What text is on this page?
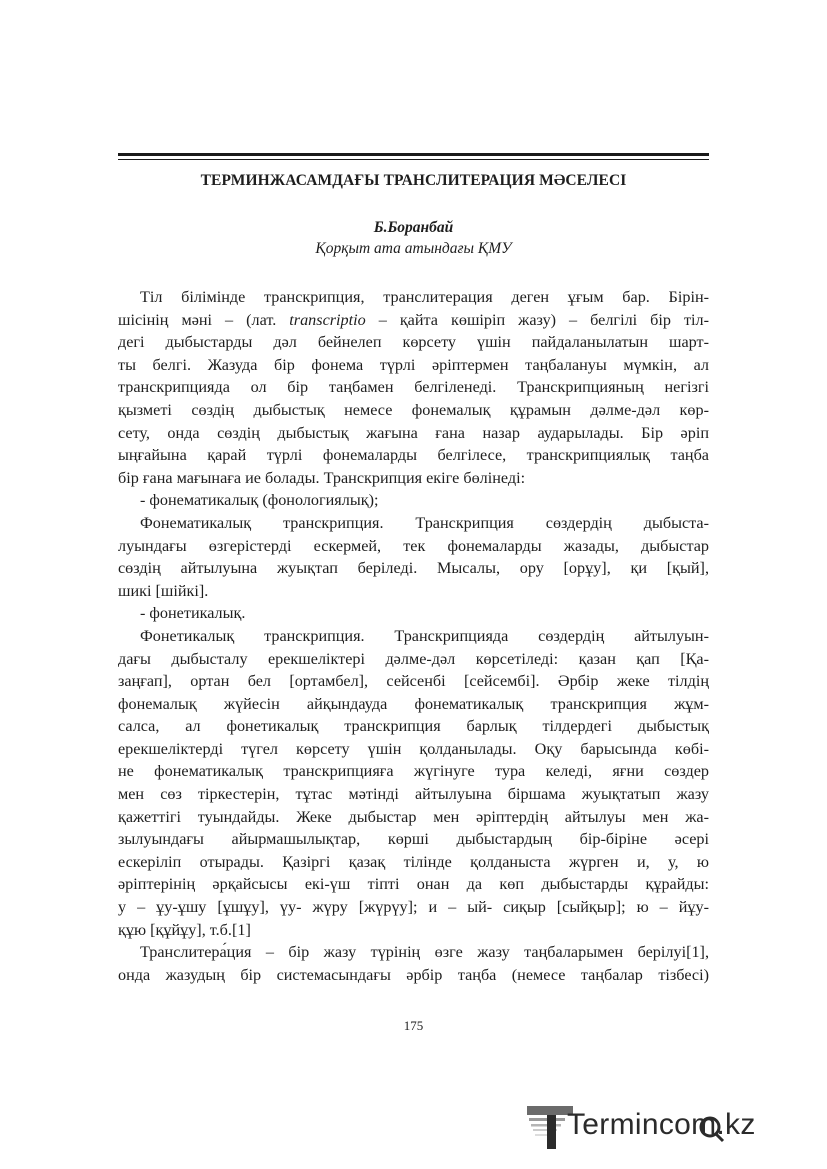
ТЕРМИНЖАСАМДАҒЫ ТРАНСЛИТЕРАЦИЯ МӘСЕЛЕСІ
Б.Боранбай
Қорқыт ата атындағы ҚМУ
Тіл білімінде транскрипция, транслитерация деген ұғым бар. Бірін-
шісінің мәні – (лат. transcriptio – қайта көшіріп жазу) – белгілі бір тіл-
дегі дыбыстарды дәл бейнелеп көрсету үшін пайдаланылатын шарт-
ты белгі. Жазуда бір фонема түрлі әріптермен таңбалануы мүмкін, ал
транскрипцияда ол бір таңбамен белгіленеді. Транскрипцияның негізгі
қызметі сөздің дыбыстық немесе фонемалық құрамын дәлме-дәл көр-
сету, онда сөздің дыбыстық жағына ғана назар аударылады. Бір әріп
ыңғайына қарай түрлі фонемаларды белгілесе, транскрипциялық таңба
бір ғана мағынаға ие болады. Транскрипция екіге бөлінеді:
- фонематикалық (фонологиялық);
Фонематикалық транскрипция. Транскрипция сөздердің дыбыста-
луындағы өзгерістерді ескермей, тек фонемаларды жазады, дыбыстар
сөздің айтылуына жуықтап беріледі. Мысалы, ору [орұу], қи [қый],
шикі [шійкі].
- фонетикалық.
Фонетикалық транскрипция. Транскрипцияда сөздердің айтылуын-
дағы дыбысталу ерекшеліктері дәлме-дәл көрсетіледі: қазан қап [Қа-
заңғап], ортан бел [ортамбел], сейсенбі [сейсембі]. Әрбір жеке тілдің
фонемалық жүйесін айқындауда фонематикалық транскрипция жұм-
салса, ал фонетикалық транскрипция барлық тілдердегі дыбыстық
ерекшеліктерді түгел көрсету үшін қолданылады. Оқу барысында көбі-
не фонематикалық транскрипцияға жүгінуге тура келеді, яғни сөздер
мен сөз тіркестерін, тұтас мәтінді айтылуына біршама жуықтатып жазу
қажеттігі туындайды. Жеке дыбыстар мен әріптердің айтылуы мен жа-
зылуындағы айырмашылықтар, көрші дыбыстардың бір-біріне әсері
ескеріліп отырады. Қазіргі қазақ тілінде қолданыста жүрген и, у, ю
әріптерінің әрқайсысы екі-үш тіпті онан да көп дыбыстарды құрайды:
у – ұу-ұшу [ұшұу], үу- жүру [жүрүу]; и – ый- сиқыр [сыйқыр]; ю – йұу-
құю [құйұу], т.б.[1]
Транслитера́ция – бір жазу түрінің өзге жазу таңбаларымен берілуі[1],
онда жазудың бір системасындағы әрбір таңба (немесе таңбалар тізбесі)
175
Termincom.kz
